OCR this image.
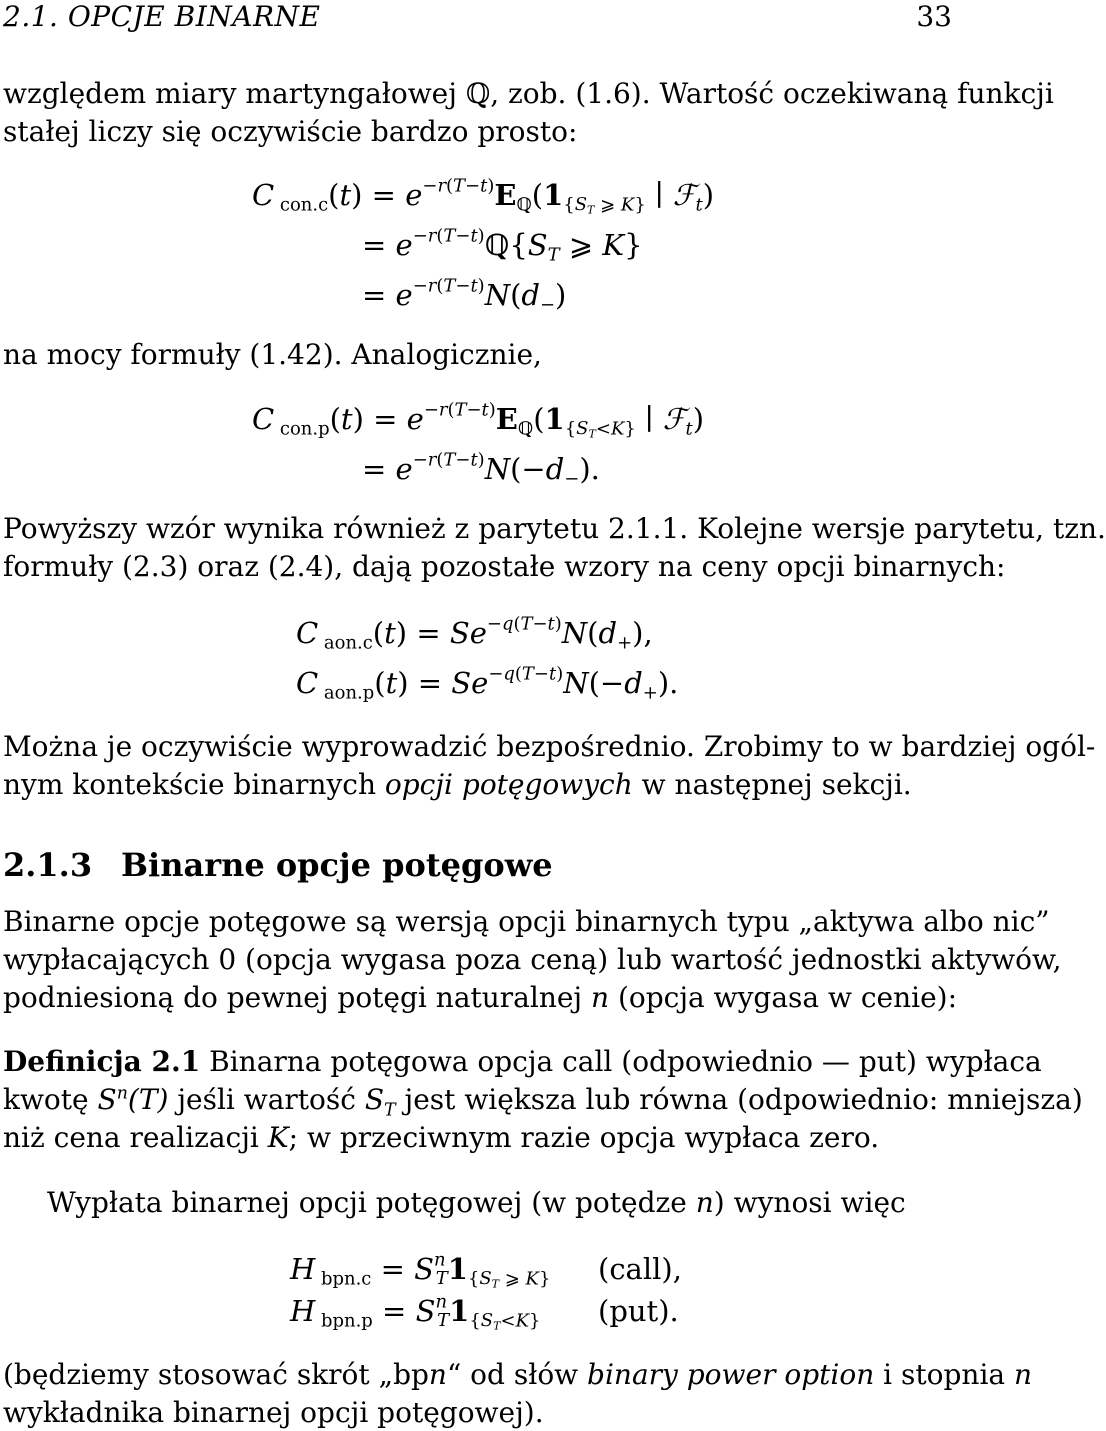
2.1. OPCJE BINARNE	33
względem miary martyngałowej ℚ, zob. (1.6). Wartość oczekiwaną funkcji
stałej liczy się oczywiście bardzo prosto:
C $_{con.c}(t) = e^{-r(T-t)}E_ℚ(1_{\{S_T ⩾ K\}}$ ∣ ℱ$_t$)
= $e^{-r(T-t)}ℚ\{S_T$ ⩾ K}
= $e^{-r(T-t)}N(d_-)$
na mocy formuły (1.42). Analogicznie,
C $_{con.p}(t) = e^{-r(T-t)}E_ℚ(1_{\{S_T<K\}}$ ∣ ℱ$_t$)
= $e^{-r(T-t)}N(-d_-)$.
Powyższy wzór wynika również z parytetu 2.1.1. Kolejne wersje parytetu, tzn.
formuły (2.3) oraz (2.4), dają pozostałe wzory na ceny opcji binarnych:
C $_{aon.c}(t) = Se^{-q(T-t)}N(d_+)$,
C $_{aon.p}(t) = Se^{-q(T-t)}N(-d_+)$.
Można je oczywiście wyprowadzić bezpośrednio. Zrobimy to w bardziej ogól-
nym kontekście binarnych opcji potęgowych w następnej sekcji.
2.1.3 Binarne opcje potęgowe
Binarne opcje potęgowe są wersją opcji binarnych typu „aktywa albo nic”
wypłacających 0 (opcja wygasa poza ceną) lub wartość jednostki aktywów,
podniesioną do pewnej potęgi naturalnej n (opcja wygasa w cenie):
Definicja 2.1 Binarna potęgowa opcja call (odpowiednio — put) wypłaca
kwotę $S^n(T)$ jeśli wartość $S_T$ jest większa lub równa (odpowiednio: mniejsza)
niż cena realizacji K; w przeciwnym razie opcja wypłaca zero.
Wypłata binarnej opcji potęgowej (w potędze n) wynosi więc
H $_{bpn.c} = S^n_T1_{\{S_T ⩾ K\}}$ (call),
H $_{bpn.p} = S^n_T1_{\{S_T<K\}}$ (put).
(będziemy stosować skrót „bpn“ od słów binary power option i stopnia n
wykładnika binarnej opcji potęgowej).
